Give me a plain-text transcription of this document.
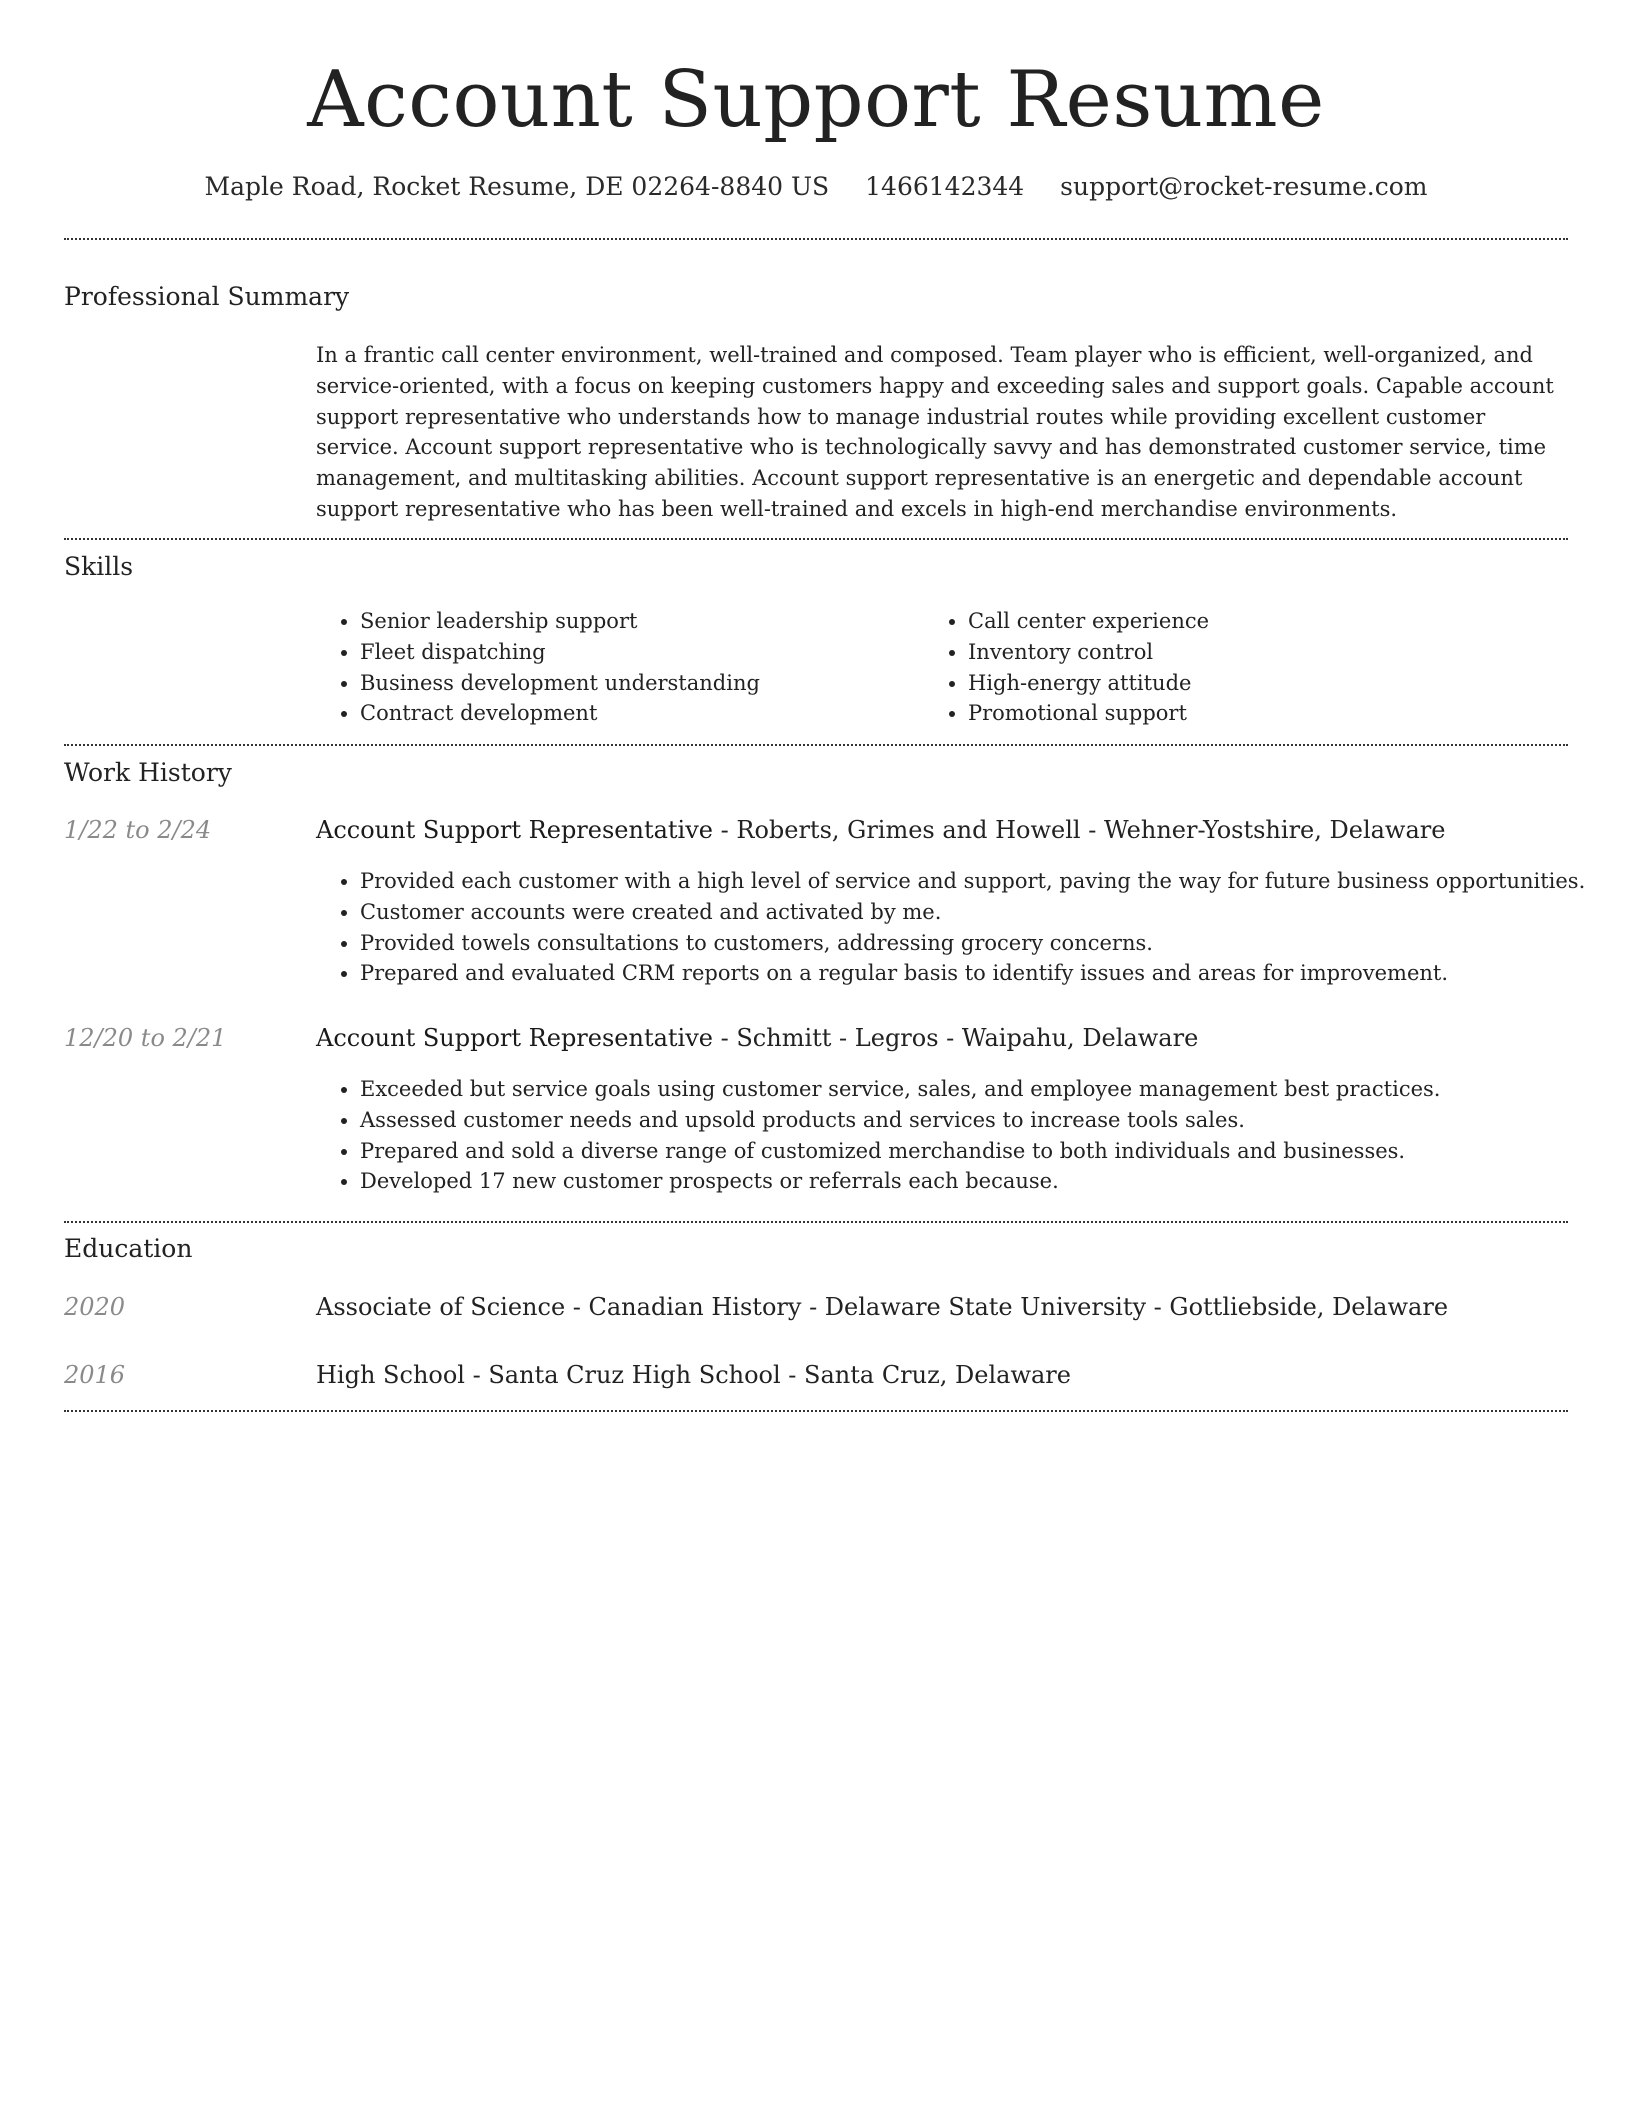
Account Support Resume
Maple Road, Rocket Resume, DE 02264-8840 US 1466142344 support@rocket-resume.com
Professional Summary
In a frantic call center environment, well-trained and composed. Team player who is efficient, well-organized, and service-oriented, with a focus on keeping customers happy and exceeding sales and support goals. Capable account support representative who understands how to manage industrial routes while providing excellent customer service. Account support representative who is technologically savvy and has demonstrated customer service, time management, and multitasking abilities. Account support representative is an energetic and dependable account support representative who has been well-trained and excels in high-end merchandise environments.
Skills
• Senior leadership support
• Fleet dispatching
• Business development understanding
• Contract development
• Call center experience
• Inventory control
• High-energy attitude
• Promotional support
Work History
1/22 to 2/24	Account Support Representative - Roberts, Grimes and Howell - Wehner-Yostshire, Delaware
• Provided each customer with a high level of service and support, paving the way for future business opportunities.
• Customer accounts were created and activated by me.
• Provided towels consultations to customers, addressing grocery concerns.
• Prepared and evaluated CRM reports on a regular basis to identify issues and areas for improvement.
12/20 to 2/21	Account Support Representative - Schmitt - Legros - Waipahu, Delaware
• Exceeded but service goals using customer service, sales, and employee management best practices.
• Assessed customer needs and upsold products and services to increase tools sales.
• Prepared and sold a diverse range of customized merchandise to both individuals and businesses.
• Developed 17 new customer prospects or referrals each because.
Education
2020	Associate of Science - Canadian History - Delaware State University - Gottliebside, Delaware
2016	High School - Santa Cruz High School - Santa Cruz, Delaware
